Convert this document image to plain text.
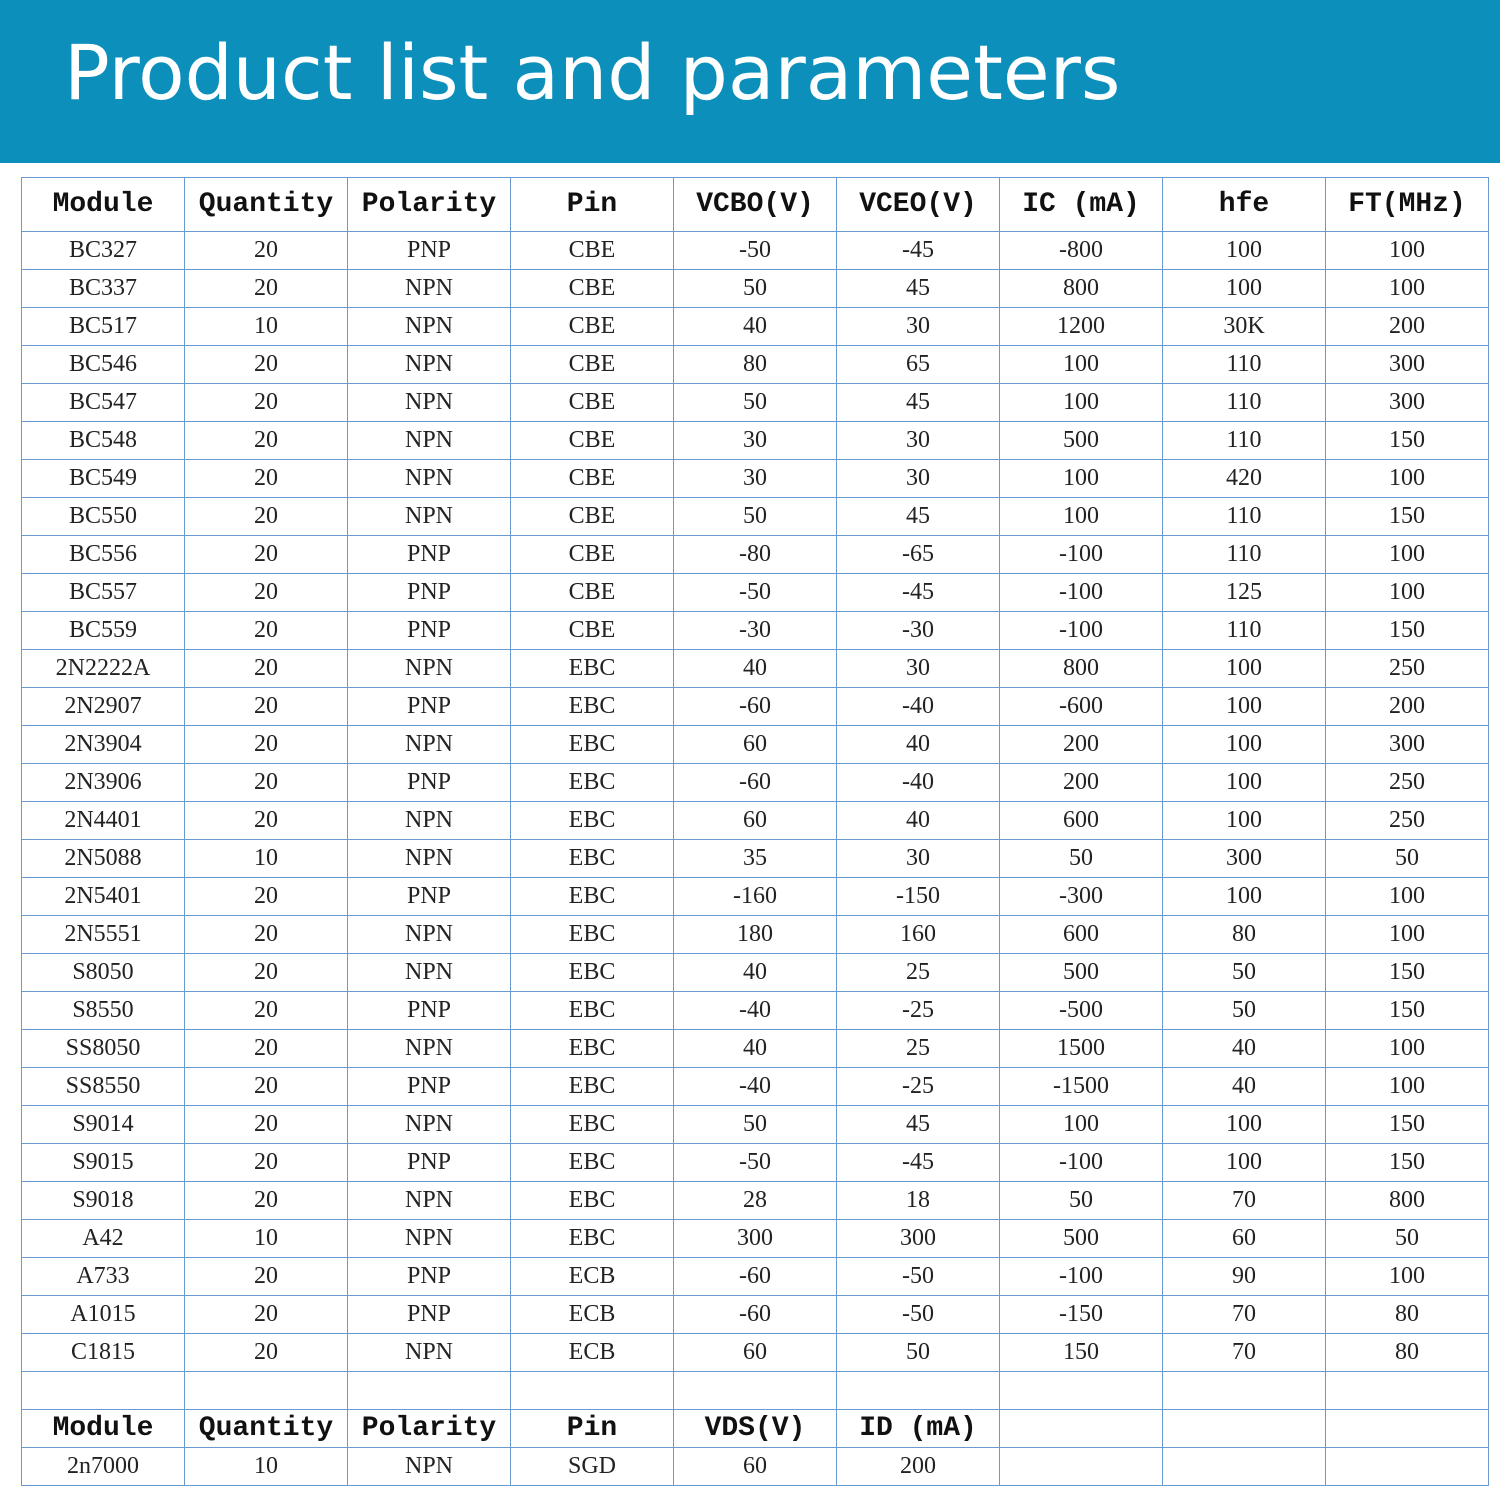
Product list and parameters
Module	Quantity	Polarity	Pin	VCBO(V)	VCEO(V)	IC (mA)	hfe	FT(MHz)
BC327	20	PNP	CBE	-50	-45	-800	100	100
BC337	20	NPN	CBE	50	45	800	100	100
BC517	10	NPN	CBE	40	30	1200	30K	200
BC546	20	NPN	CBE	80	65	100	110	300
BC547	20	NPN	CBE	50	45	100	110	300
BC548	20	NPN	CBE	30	30	500	110	150
BC549	20	NPN	CBE	30	30	100	420	100
BC550	20	NPN	CBE	50	45	100	110	150
BC556	20	PNP	CBE	-80	-65	-100	110	100
BC557	20	PNP	CBE	-50	-45	-100	125	100
BC559	20	PNP	CBE	-30	-30	-100	110	150
2N2222A	20	NPN	EBC	40	30	800	100	250
2N2907	20	PNP	EBC	-60	-40	-600	100	200
2N3904	20	NPN	EBC	60	40	200	100	300
2N3906	20	PNP	EBC	-60	-40	200	100	250
2N4401	20	NPN	EBC	60	40	600	100	250
2N5088	10	NPN	EBC	35	30	50	300	50
2N5401	20	PNP	EBC	-160	-150	-300	100	100
2N5551	20	NPN	EBC	180	160	600	80	100
S8050	20	NPN	EBC	40	25	500	50	150
S8550	20	PNP	EBC	-40	-25	-500	50	150
SS8050	20	NPN	EBC	40	25	1500	40	100
SS8550	20	PNP	EBC	-40	-25	-1500	40	100
S9014	20	NPN	EBC	50	45	100	100	150
S9015	20	PNP	EBC	-50	-45	-100	100	150
S9018	20	NPN	EBC	28	18	50	70	800
A42	10	NPN	EBC	300	300	500	60	50
A733	20	PNP	ECB	-60	-50	-100	90	100
A1015	20	PNP	ECB	-60	-50	-150	70	80
C1815	20	NPN	ECB	60	50	150	70	80

Module	Quantity	Polarity	Pin	VDS(V)	ID (mA)			
2n7000	10	NPN	SGD	60	200			
